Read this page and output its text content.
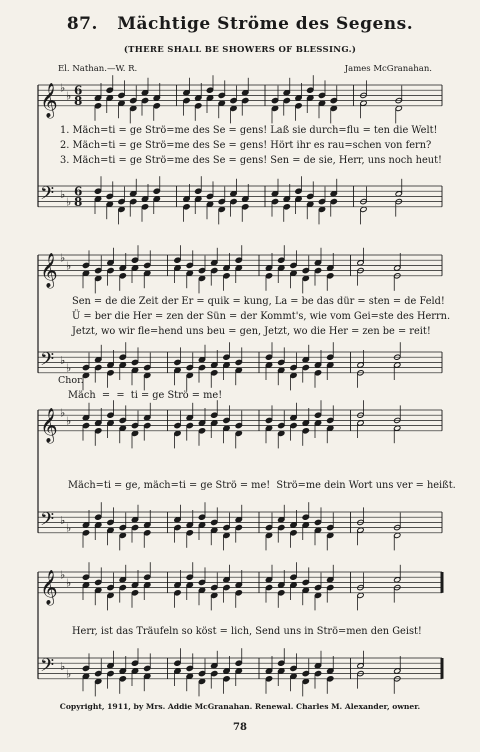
87. Mächtige Ströme des Segens.
(THERE SHALL BE SHOWERS OF BLESSING.)
El. Nathan.—W. R.	James McGranahan.
𝄞 ♭
♭ 6
8
𝄢 ♭
♭
6
8
𝄞 ♭
♭
𝄢 ♭
♭
𝄞 ♭
♭
𝄢 ♭
♭
𝄞 ♭
♭
𝄢 ♭
♭
1. Mäch=ti = ge Strö=me des Se = gens! Laß sie durch=flu = ten die Welt!
2. Mäch=ti = ge Strö=me des Se = gens! Hört ihr es rau=schen von fern?
3. Mäch=ti = ge Strö=me des Se = gens! Sen = de sie, Herr, uns noch heut!
Sen = de die Zeit der Er = quik = kung, La = be das dür = sten = de Feld!
Ü = ber die Her = zen der Sün = der Kommt's, wie vom Gei=ste des Herrn.
Jetzt, wo wir fle=hend uns beu = gen, Jetzt, wo die Her = zen be = reit!
Chor.
Mäch  =  =  ti = ge Strö = me!
Mäch=ti = ge, mäch=ti = ge Strö = me!  Strö=me dein Wort uns ver = heißt.
Herr, ist das Träufeln so köst = lich, Send uns in Strö=men den Geist!
Copyright, 1911, by Mrs. Addie McGranahan. Renewal. Charles M. Alexander, owner.
78
